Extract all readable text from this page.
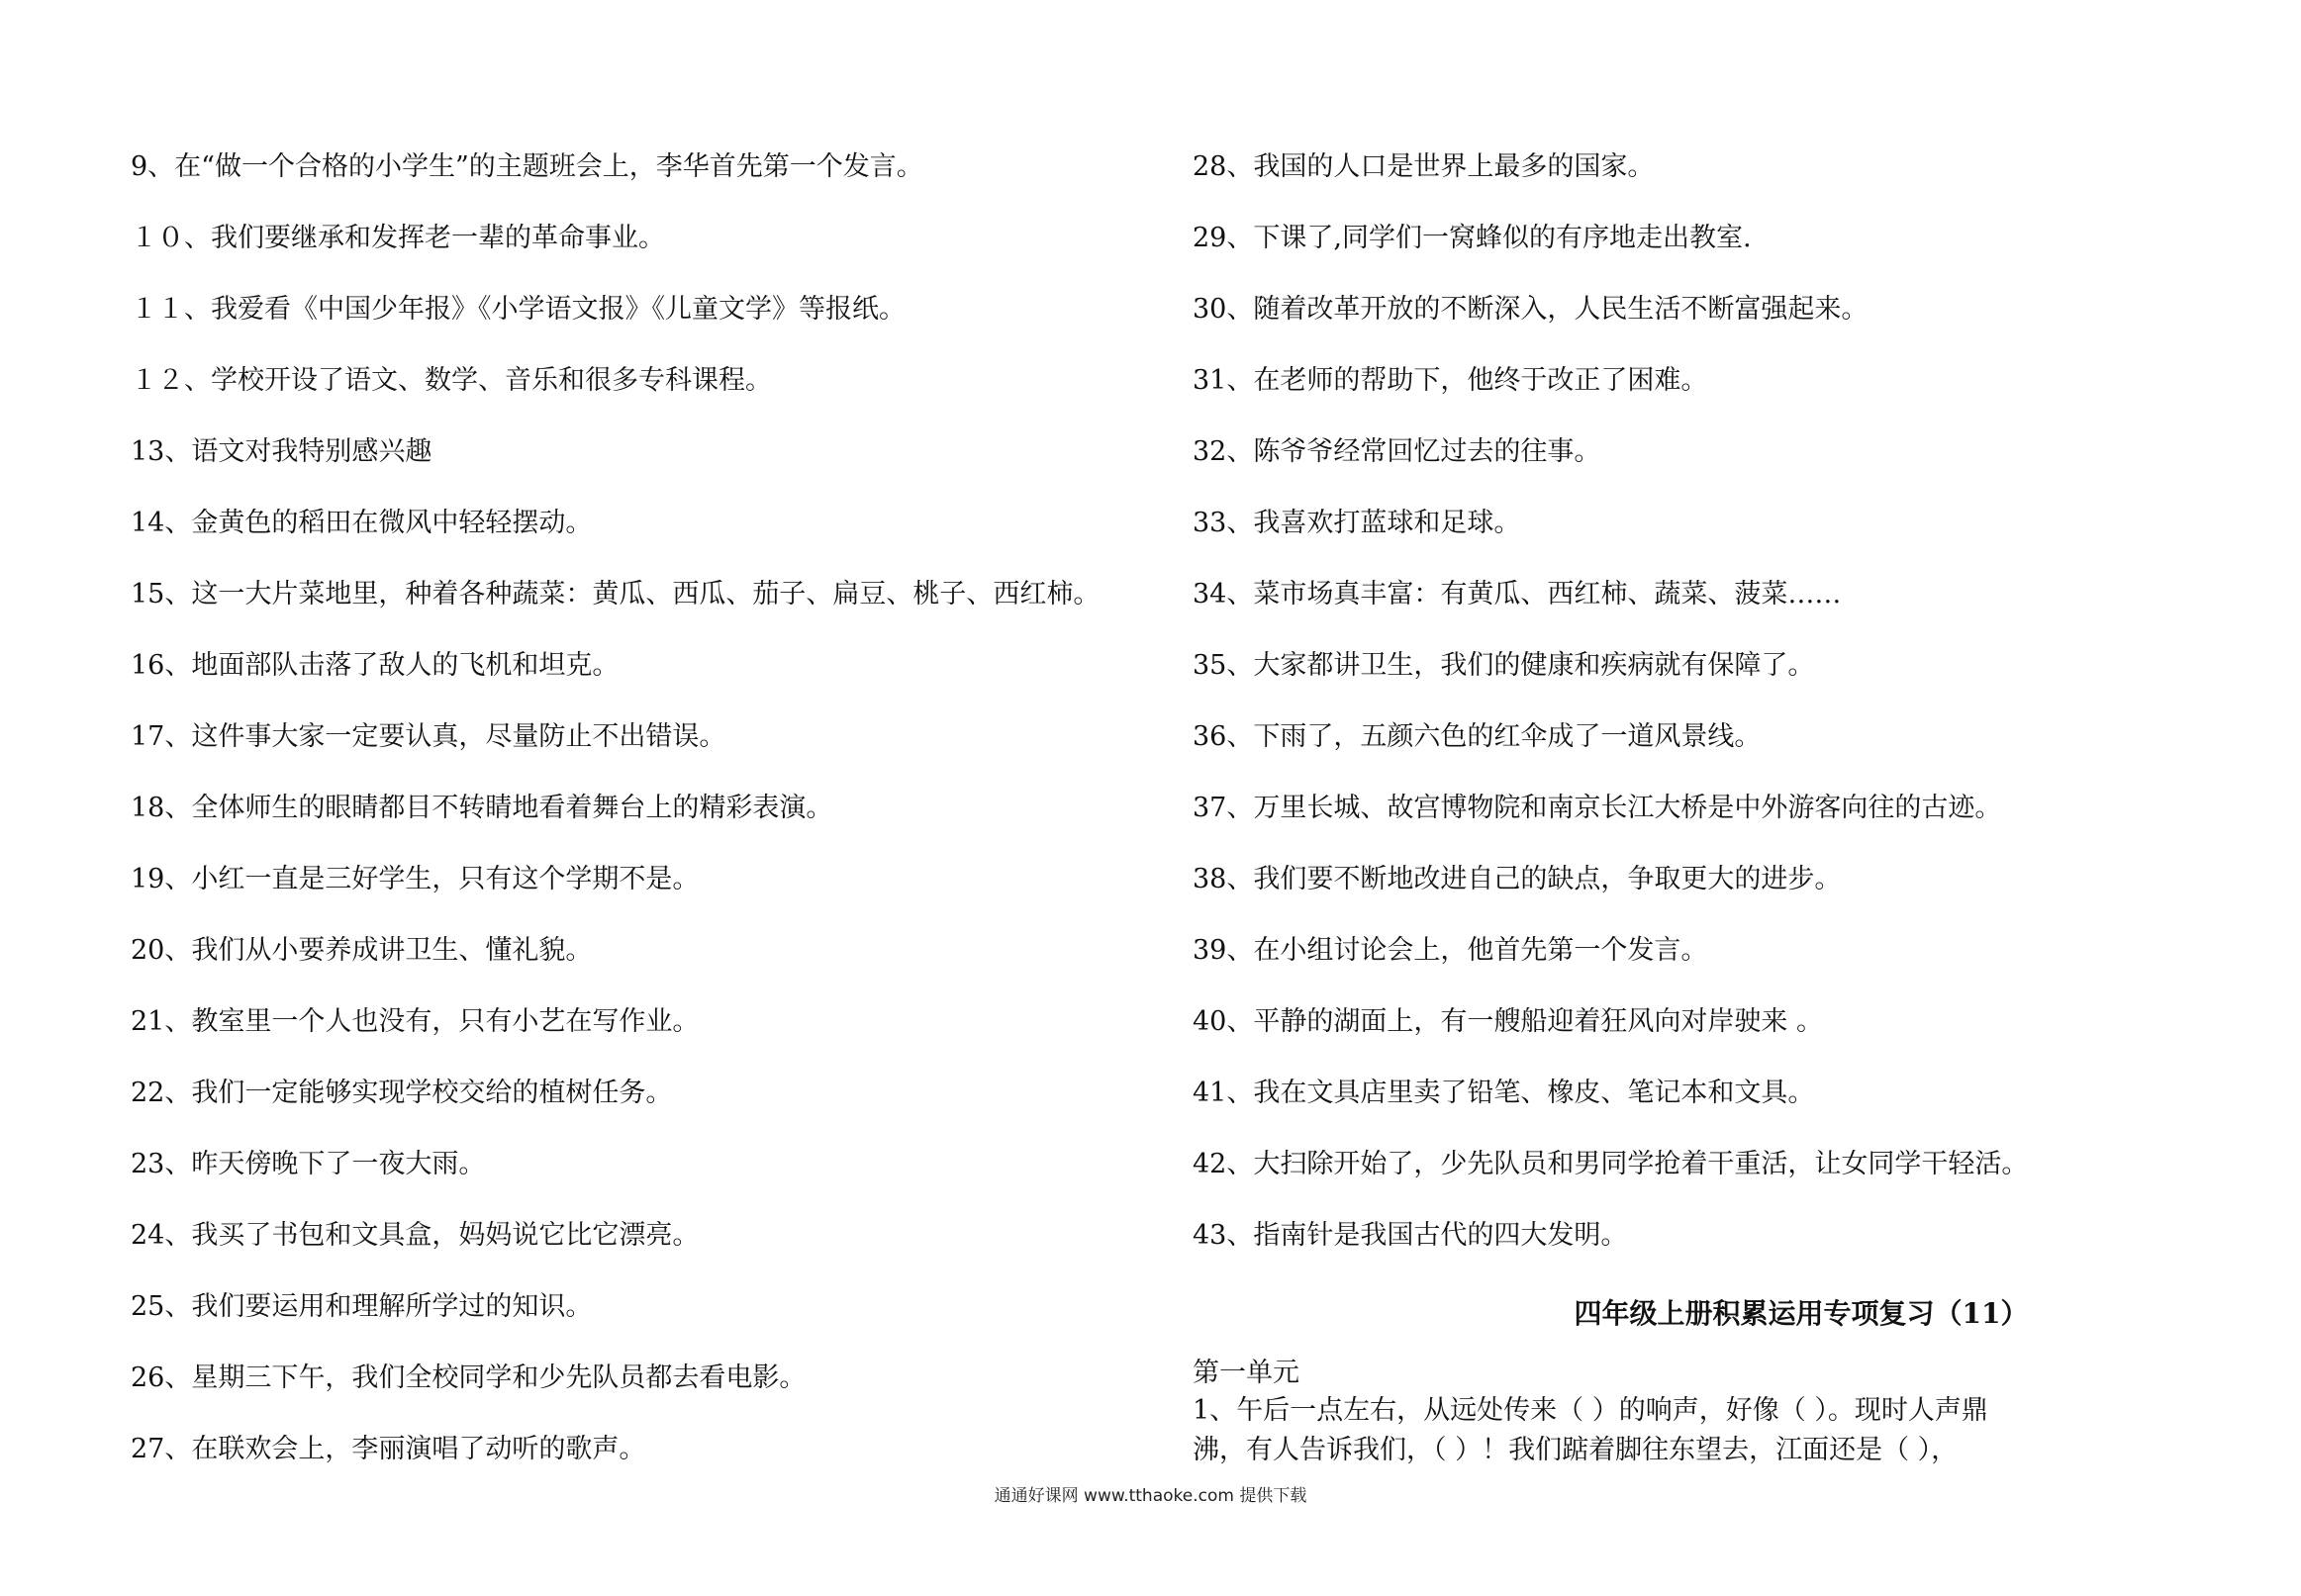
9、在“做一个合格的小学生”的主题班会上，李华首先第一个发言。
１０、我们要继承和发挥老一辈的革命事业。
１１、我爱看《中国少年报》《小学语文报》《儿童文学》等报纸。
１２、学校开设了语文、数学、音乐和很多专科课程。
13、语文对我特别感兴趣
14、金黄色的稻田在微风中轻轻摆动。
15、这一大片菜地里，种着各种蔬菜：黄瓜、西瓜、茄子、扁豆、桃子、西红柿。
16、地面部队击落了敌人的飞机和坦克。
17、这件事大家一定要认真，尽量防止不出错误。
18、全体师生的眼睛都目不转睛地看着舞台上的精彩表演。
19、小红一直是三好学生，只有这个学期不是。
20、我们从小要养成讲卫生、懂礼貌。
21、教室里一个人也没有，只有小艺在写作业。
22、我们一定能够实现学校交给的植树任务。
23、昨天傍晚下了一夜大雨。
24、我买了书包和文具盒，妈妈说它比它漂亮。
25、我们要运用和理解所学过的知识。
26、星期三下午，我们全校同学和少先队员都去看电影。
27、在联欢会上，李丽演唱了动听的歌声。
28、我国的人口是世界上最多的国家。
29、下课了,同学们一窝蜂似的有序地走出教室.
30、随着改革开放的不断深入，人民生活不断富强起来。
31、在老师的帮助下，他终于改正了困难。
32、陈爷爷经常回忆过去的往事。
33、我喜欢打蓝球和足球。
34、菜市场真丰富：有黄瓜、西红柿、蔬菜、菠菜……
35、大家都讲卫生，我们的健康和疾病就有保障了。
36、下雨了，五颜六色的红伞成了一道风景线。
37、万里长城、故宫博物院和南京长江大桥是中外游客向往的古迹。
38、我们要不断地改进自己的缺点，争取更大的进步。
39、在小组讨论会上，他首先第一个发言。
40、平静的湖面上，有一艘船迎着狂风向对岸驶来 。
41、我在文具店里卖了铅笔、橡皮、笔记本和文具。
42、大扫除开始了，少先队员和男同学抢着干重活，让女同学干轻活。
43、指南针是我国古代的四大发明。
四年级上册积累运用专项复习（11）
第一单元
1、午后一点左右，从远处传来（ ）的响声，好像（ ）。现时人声鼎
沸，有人告诉我们，（ ）！我们踮着脚往东望去，江面还是（ ），
通通好课网 www.tthaoke.com 提供下载
